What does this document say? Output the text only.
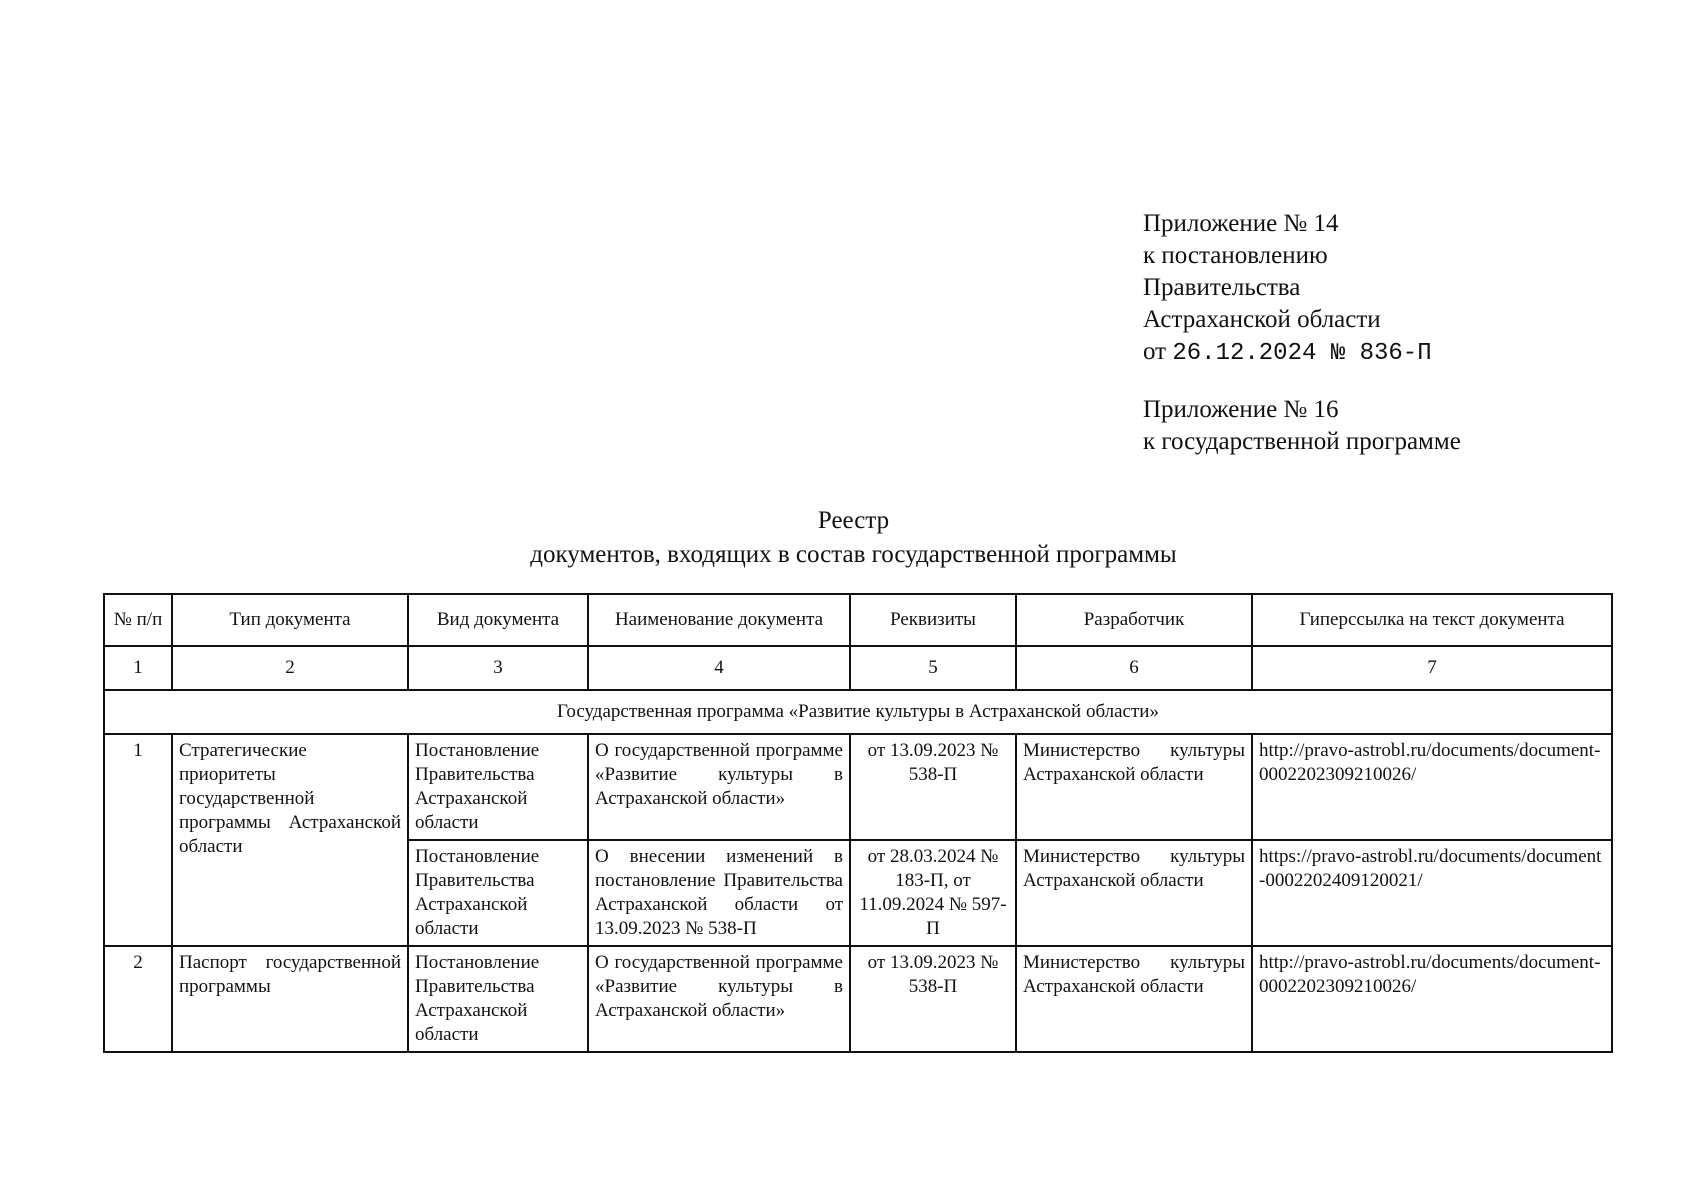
Приложение № 14
к постановлению
Правительства
Астраханской области
от 26.12.2024 № 836-П
Приложение № 16
к государственной программе
Реестр
документов, входящих в состав государственной программы
№ п/п	Тип документа	Вид документа	Наименование документа	Реквизиты	Разработчик	Гиперссылка на текст документа
1	2	3	4	5	6	7
Государственная программа «Развитие культуры в Астраханской области»						
1	Стратегические приоритеты государственной программы Астраханской области	Постановление Правительства Астраханской области	О государственной программе «Развитие культуры в Астраханской области»	от 13.09.2023 № 538-П	Министерство культуры Астраханской области	http://pravo-astrobl.ru/documents/document-0002202309210026/
		Постановление Правительства Астраханской области	О внесении изменений в постановление Правительства Астраханской области от 13.09.2023 № 538-П	от 28.03.2024 № 183-П, от 11.09.2024 № 597-П	Министерство культуры Астраханской области	https://pravo-astrobl.ru/documents/document-0002202409120021/
2	Паспорт государственной программы	Постановление Правительства Астраханской области	О государственной программе «Развитие культуры в Астраханской области»	от 13.09.2023 № 538-П	Министерство культуры Астраханской области	http://pravo-astrobl.ru/documents/document-0002202309210026/
